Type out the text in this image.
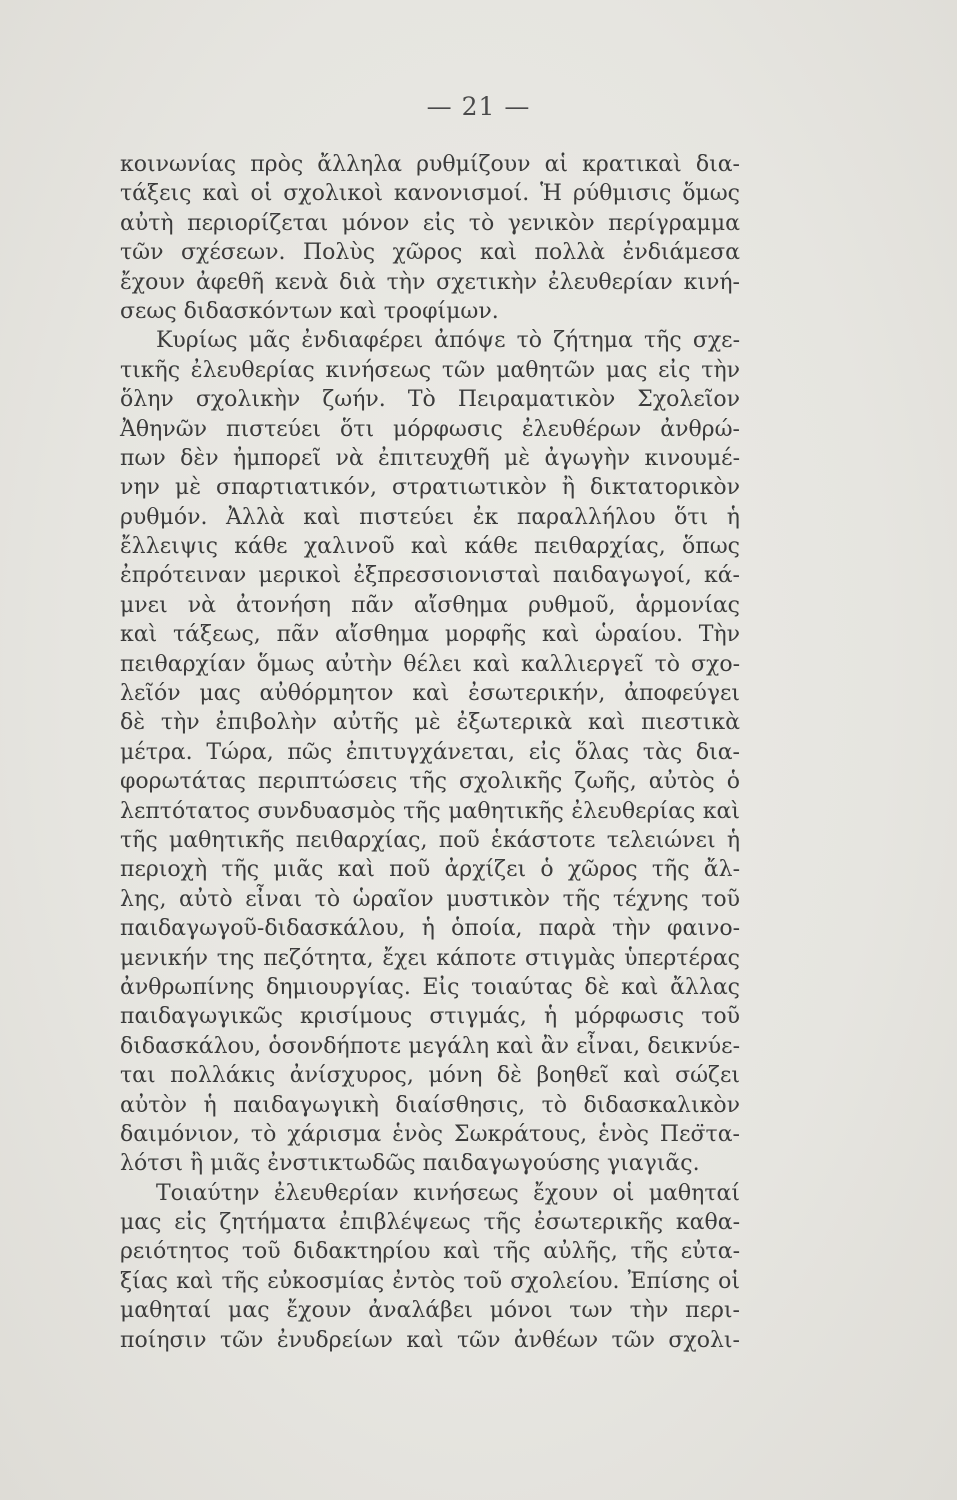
— 21 —
κοινωνίας πρὸς ἄλληλα ρυθμίζουν αἱ κρατικαὶ δια-
τάξεις καὶ οἱ σχολικοὶ κανονισμοί. Ἡ ρύθμισις ὅμως
αὐτὴ περιορίζεται μόνον εἰς τὸ γενικὸν περίγραμμα
τῶν σχέσεων. Πολὺς χῶρος καὶ πολλὰ ἐνδιάμεσα
ἔχουν ἀφεθῆ κενὰ διὰ τὴν σχετικὴν ἐλευθερίαν κινή-
σεως διδασκόντων καὶ τροφίμων.
Κυρίως μᾶς ἐνδιαφέρει ἀπόψε τὸ ζήτημα τῆς σχε-
τικῆς ἐλευθερίας κινήσεως τῶν μαθητῶν μας εἰς τὴν
ὅλην σχολικὴν ζωήν. Τὸ Πειραματικὸν Σχολεῖον
Ἀθηνῶν πιστεύει ὅτι μόρφωσις ἐλευθέρων ἀνθρώ-
πων δὲν ἠμπορεῖ νὰ ἐπιτευχθῆ μὲ ἀγωγὴν κινουμέ-
νην μὲ σπαρτιατικόν, στρατιωτικὸν ἢ δικτατορικὸν
ρυθμόν. Ἀλλὰ καὶ πιστεύει ἐκ παραλλήλου ὅτι ἡ
ἔλλειψις κάθε χαλινοῦ καὶ κάθε πειθαρχίας, ὅπως
ἐπρότειναν μερικοὶ ἐξπρεσσιονισταὶ παιδαγωγοί, κά-
μνει νὰ ἀτονήση πᾶν αἴσθημα ρυθμοῦ, ἁρμονίας
καὶ τάξεως, πᾶν αἴσθημα μορφῆς καὶ ὡραίου. Τὴν
πειθαρχίαν ὅμως αὐτὴν θέλει καὶ καλλιεργεῖ τὸ σχο-
λεῖόν μας αὐθόρμητον καὶ ἐσωτερικήν, ἀποφεύγει
δὲ τὴν ἐπιβολὴν αὐτῆς μὲ ἐξωτερικὰ καὶ πιεστικὰ
μέτρα. Τώρα, πῶς ἐπιτυγχάνεται, εἰς ὅλας τὰς δια-
φορωτάτας περιπτώσεις τῆς σχολικῆς ζωῆς, αὐτὸς ὁ
λεπτότατος συνδυασμὸς τῆς μαθητικῆς ἐλευθερίας καὶ
τῆς μαθητικῆς πειθαρχίας, ποῦ ἑκάστοτε τελειώνει ἡ
περιοχὴ τῆς μιᾶς καὶ ποῦ ἀρχίζει ὁ χῶρος τῆς ἄλ-
λης, αὐτὸ εἶναι τὸ ὡραῖον μυστικὸν τῆς τέχνης τοῦ
παιδαγωγοῦ-διδασκάλου, ἡ ὁποία, παρὰ τὴν φαινο-
μενικήν της πεζότητα, ἔχει κάποτε στιγμὰς ὑπερτέρας
ἀνθρωπίνης δημιουργίας. Εἰς τοιαύτας δὲ καὶ ἄλλας
παιδαγωγικῶς κρισίμους στιγμάς, ἡ μόρφωσις τοῦ
διδασκάλου, ὁσονδήποτε μεγάλη καὶ ἂν εἶναι, δεικνύε-
ται πολλάκις ἀνίσχυρος, μόνη δὲ βοηθεῖ καὶ σώζει
αὐτὸν ἡ παιδαγωγικὴ διαίσθησις, τὸ διδασκαλικὸν
δαιμόνιον, τὸ χάρισμα ἑνὸς Σωκράτους, ἑνὸς Πεσ̈τα-
λότσι ἢ μιᾶς ἐνστικτωδῶς παιδαγωγούσης γιαγιᾶς.
Τοιαύτην ἐλευθερίαν κινήσεως ἔχουν οἱ μαθηταί
μας εἰς ζητήματα ἐπιβλέψεως τῆς ἐσωτερικῆς καθα-
ρειότητος τοῦ διδακτηρίου καὶ τῆς αὐλῆς, τῆς εὐτα-
ξίας καὶ τῆς εὐκοσμίας ἐντὸς τοῦ σχολείου. Ἐπίσης οἱ
μαθηταί μας ἔχουν ἀναλάβει μόνοι των τὴν περι-
ποίησιν τῶν ἐνυδρείων καὶ τῶν ἀνθέων τῶν σχολι-
